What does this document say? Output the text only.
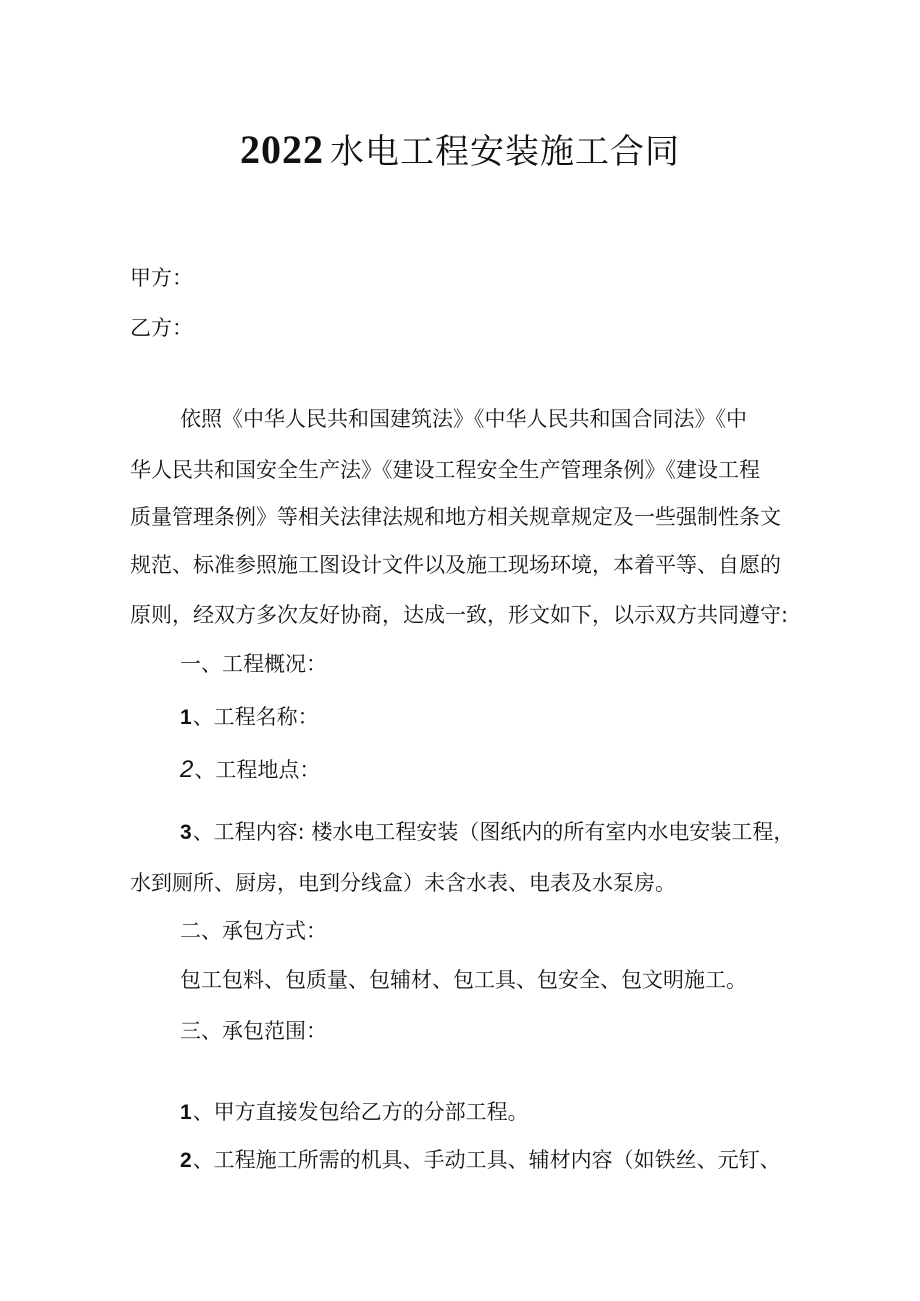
2022 水电工程安装施工合同
甲方：
乙方：
依照《中华人民共和国建筑法》《中华人民共和国合同法》《中
华人民共和国安全生产法》《建设工程安全生产管理条例》《建设工程
质量管理条例》等相关法律法规和地方相关规章规定及一些强制性条文
规范、标准参照施工图设计文件以及施工现场环境，本着平等、自愿的
原则，经双方多次友好协商，达成一致，形文如下，以示双方共同遵守:
一、工程概况：
1、工程名称：
2、工程地点：
3、工程内容: 楼水电工程安装（图纸内的所有室内水电安装工程，
水到厕所、厨房，电到分线盒）未含水表、电表及水泵房。
二、承包方式：
包工包料、包质量、包辅材、包工具、包安全、包文明施工。
三、承包范围：
1、甲方直接发包给乙方的分部工程。
2、工程施工所需的机具、手动工具、辅材内容（如铁丝、元钉、
